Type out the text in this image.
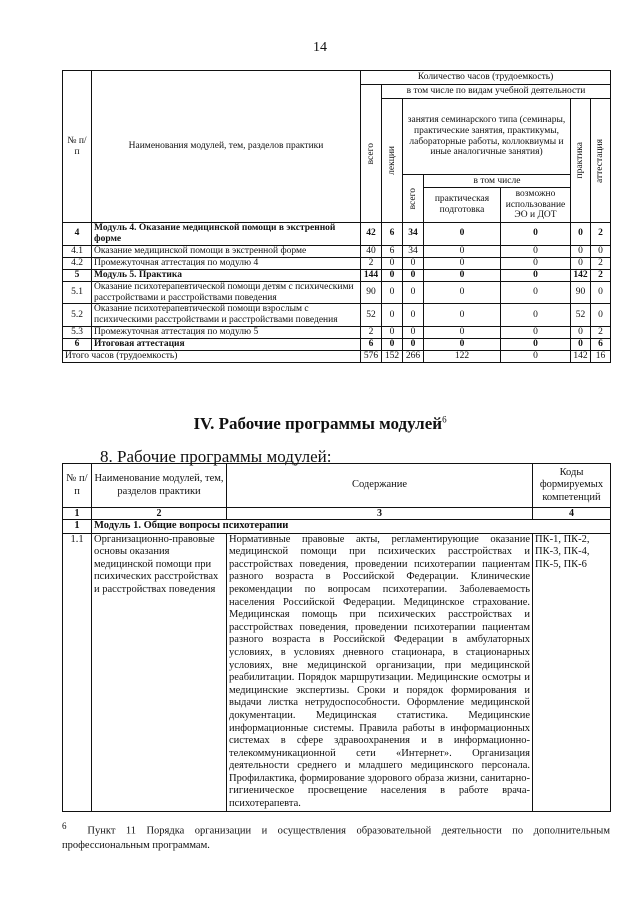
14
№ п/п	Наименования модулей, тем, разделов практики	Количество часов (трудоемкость)						

		всего	в том числе по видам учебной деятельности					

			лекции	занятия семинарского типа (семинары, практические занятия, практикумы, лабораторные работы, коллоквиумы и иные аналогичные занятия)			практика	аттестация

				всего	в том числе			
					практическая подготовка	возможно использование ЭО и ДОТ		
4	Модуль 4. Оказание медицинской помощи в экстренной форме	42	6	34	0	0	0	2
4.1	Оказание медицинской помощи в экстренной форме	40	6	34	0	0	0	0
4.2	Промежуточная аттестация по модулю 4	2	0	0	0	0	0	2
5	Модуль 5. Практика	144	0	0	0	0	142	2
5.1	Оказание психотерапевтической помощи детям с психическими расстройствами и расстройствами поведения	90	0	0	0	0	90	0
5.2	Оказание психотерапевтической помощи взрослым с психическими расстройствами и расстройствами поведения	52	0	0	0	0	52	0
5.3	Промежуточная аттестация по модулю 5	2	0	0	0	0	0	2
6	Итоговая аттестация	6	0	0	0	0	0	6
Итого часов (трудоемкость)		576	152	266	122	0	142	16
IV. Рабочие программы модулей$^6$
8. Рабочие программы модулей:
№ п/п	Наименование модулей, тем, разделов практики	Содержание	Коды формируемых компетенций
1	2	3	4
1	Модуль 1. Общие вопросы психотерапии		
1.1	Организационно-правовые основы оказания медицинской помощи при психических расстройствах и расстройствах поведения	Нормативные правовые акты, регламентирующие оказание медицинской помощи при психических расстройствах и расстройствах поведения, проведении психотерапии пациентам разного возраста в Российской Федерации. Клинические рекомендации по вопросам психотерапии. Заболеваемость населения Российской Федерации. Медицинское страхование. Медицинская помощь при психических расстройствах и расстройствах поведения, проведении психотерапии пациентам разного возраста в Российской Федерации в амбулаторных условиях, в условиях дневного стационара, в стационарных условиях, вне медицинской организации, при медицинской реабилитации. Порядок маршрутизации. Медицинские осмотры и медицинские экспертизы. Сроки и порядок формирования и выдачи листка нетрудоспособности. Оформление медицинской документации. Медицинская статистика. Медицинские информационные системы. Правила работы в информационных системах в сфере здравоохранения и в информационно-телекоммуникационной сети «Интернет». Организация деятельности среднего и младшего медицинского персонала. Профилактика, формирование здорового образа жизни, санитарно-гигиеническое просвещение населения в работе врача-психотерапевта.	ПК-1, ПК-2, ПК-3, ПК-4, ПК-5, ПК-6
$^6$ Пункт 11 Порядка организации и осуществления образовательной деятельности по дополнительным профессиональным программам.
